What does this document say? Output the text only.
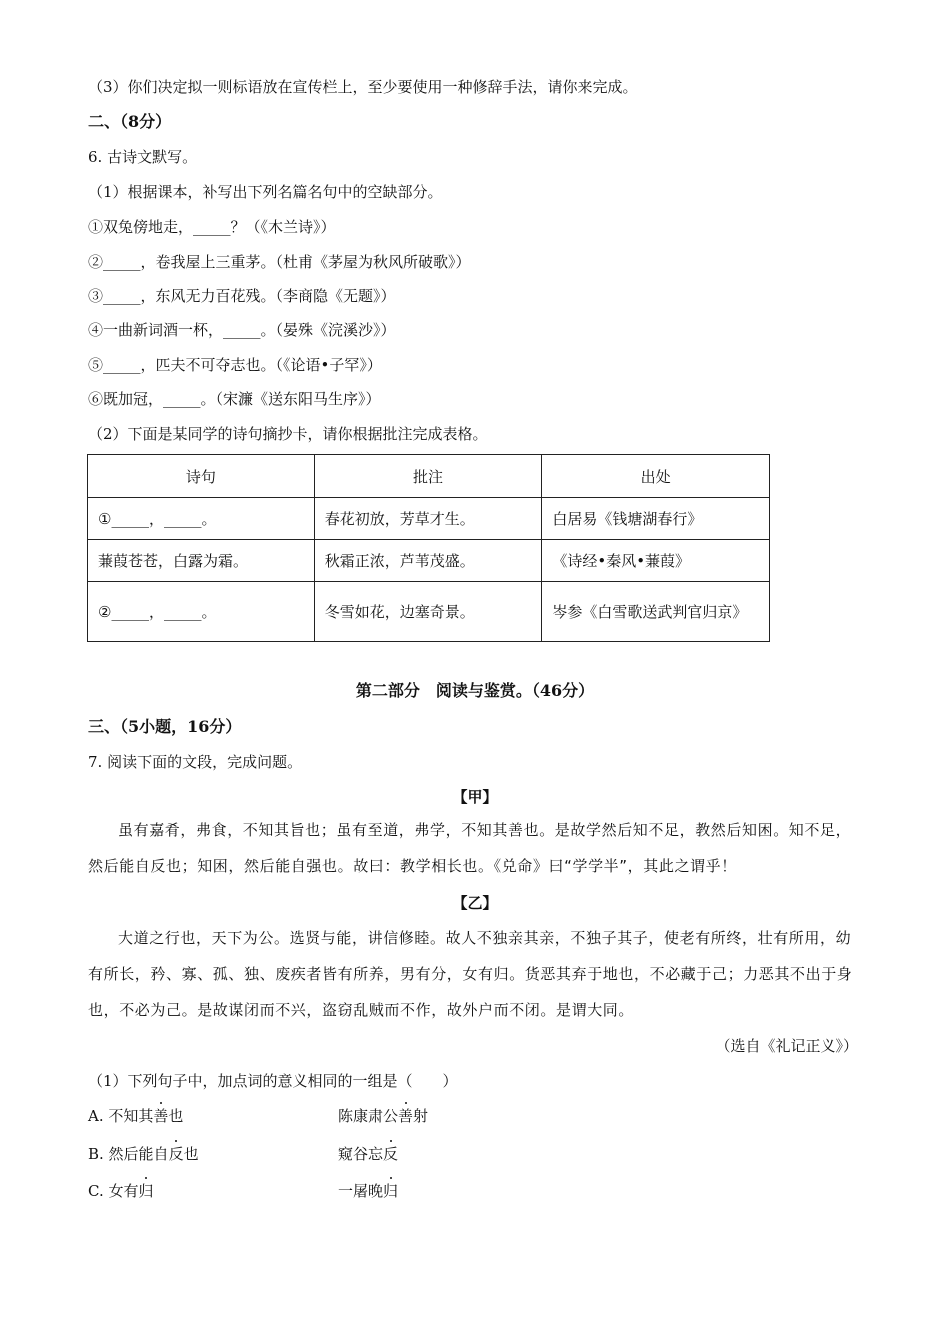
（3）你们决定拟一则标语放在宣传栏上，至少要使用一种修辞手法，请你来完成。
二、（8分）
6. 古诗文默写。
（1）根据课本，补写出下列名篇名句中的空缺部分。
①双兔傍地走，_____？（《木兰诗》）
②_____，卷我屋上三重茅。（杜甫《茅屋为秋风所破歌》）
③_____，东风无力百花残。（李商隐《无题》）
④一曲新词酒一杯，_____。（晏殊《浣溪沙》）
⑤_____，匹夫不可夺志也。（《论语•子罕》）
⑥既加冠，_____。（宋濂《送东阳马生序》）
（2）下面是某同学的诗句摘抄卡，请你根据批注完成表格。
诗句	批注	出处
①_____，_____。	春花初放，芳草才生。	白居易《钱塘湖春行》
蒹葭苍苍，白露为霜。	秋霜正浓，芦苇茂盛。	《诗经•秦风•蒹葭》
②_____，_____。	冬雪如花，边塞奇景。	岑参《白雪歌送武判官归京》
第二部分　阅读与鉴赏。（46分）
三、（5小题，16分）
7. 阅读下面的文段，完成问题。
【甲】
虽有嘉肴，弗食，不知其旨也；虽有至道，弗学，不知其善也。是故学然后知不足，教然后知困。知不足，然后能自反也；知困，然后能自强也。故曰：教学相长也。《兑命》曰“学学半”，其此之谓乎！
【乙】
大道之行也，天下为公。选贤与能，讲信修睦。故人不独亲其亲，不独子其子，使老有所终，壮有所用，幼有所长，矜、寡、孤、独、废疾者皆有所养，男有分，女有归。货恶其弃于地也，不必藏于己；力恶其不出于身也，不必为己。是故谋闭而不兴，盗窃乱贼而不作，故外户而不闭。是谓大同。
（选自《礼记正义》）
（1）下列句子中，加点词的意义相同的一组是（　　）
A. 不知其善也	陈康肃公善射
B. 然后能自反也	窥谷忘反
C. 女有归	一屠晚归
